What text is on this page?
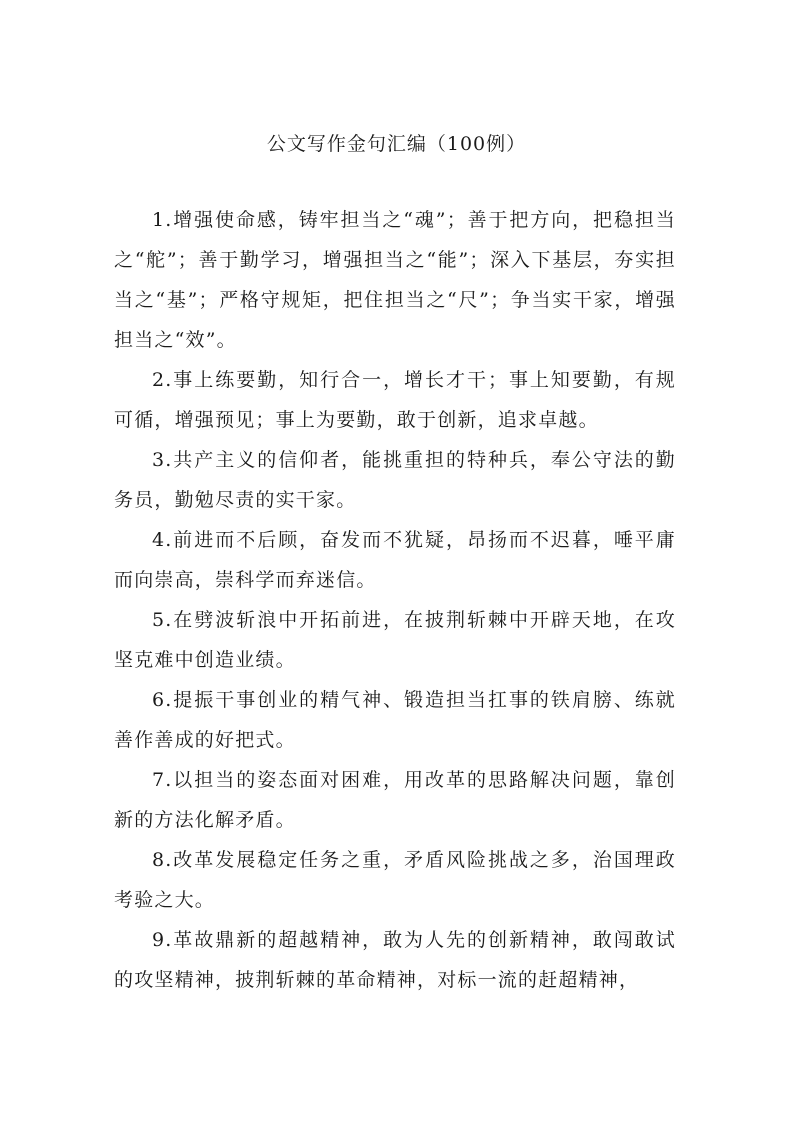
公文写作金句汇编（100例）

1.增强使命感，铸牢担当之“魂”；善于把方向，把稳担当之“舵”；善于勤学习，增强担当之“能”；深入下基层，夯实担当之“基”；严格守规矩，把住担当之“尺”；争当实干家，增强担当之“效”。

2.事上练要勤，知行合一，增长才干；事上知要勤，有规可循，增强预见；事上为要勤，敢于创新，追求卓越。

3.共产主义的信仰者，能挑重担的特种兵，奉公守法的勤务员，勤勉尽责的实干家。

4.前进而不后顾，奋发而不犹疑，昂扬而不迟暮，唾平庸而向崇高，崇科学而弃迷信。

5.在劈波斩浪中开拓前进，在披荆斩棘中开辟天地，在攻坚克难中创造业绩。

6.提振干事创业的精气神、锻造担当扛事的铁肩膀、练就善作善成的好把式。

7.以担当的姿态面对困难，用改革的思路解决问题，靠创新的方法化解矛盾。

8.改革发展稳定任务之重，矛盾风险挑战之多，治国理政考验之大。

9.革故鼎新的超越精神，敢为人先的创新精神，敢闯敢试的攻坚精神，披荆斩棘的革命精神，对标一流的赶超精神，
